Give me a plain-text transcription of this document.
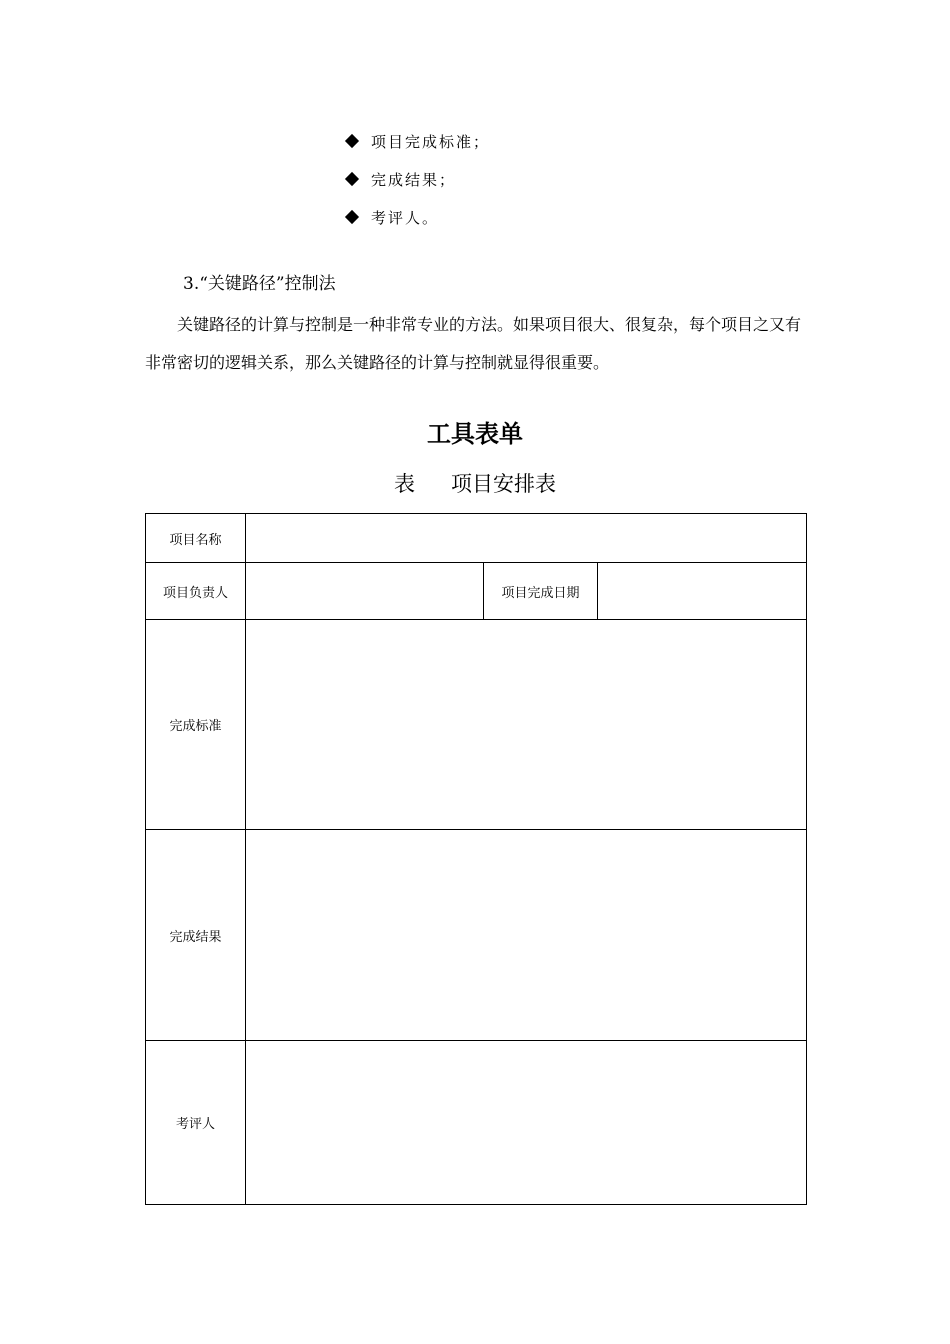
项目完成标准；
完成结果；
考评人。
3.“关键路径”控制法

关键路径的计算与控制是一种非常专业的方法。如果项目很大、很复杂，每个项目之又有非常密切的逻辑关系，那么关键路径的计算与控制就显得很重要。

工具表单
表 项目安排表
项目名称			
项目负责人		项目完成日期	
完成标准			
完成结果			
考评人			
